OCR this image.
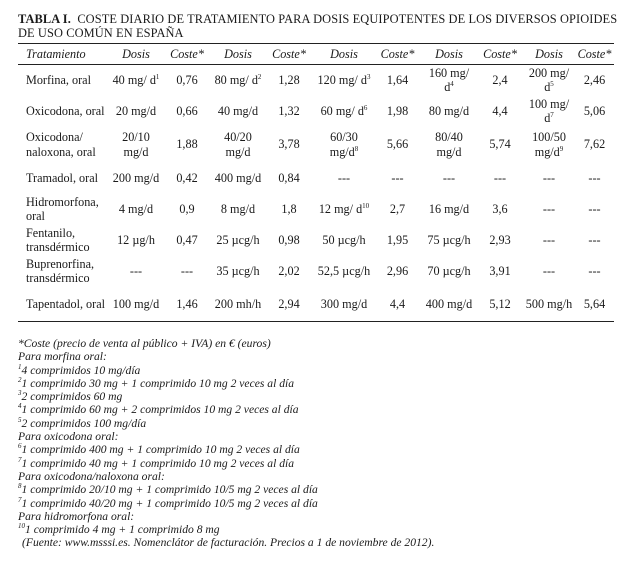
TABLA I. COSTE DIARIO DE TRATAMIENTO PARA DOSIS EQUIPOTENTES DE LOS DIVERSOS OPIOIDES DE USO COMÚN EN ESPAÑA
Tratamiento	Dosis	Coste*	Dosis	Coste*	Dosis	Coste*	Dosis	Coste*	Dosis	Coste*
Morfina, oral	40 mg/ $d^1$	0,76	80 mg/ $d^2$	1,28	120 mg/ $d^3$	1,64	160 mg/ $d^4$	2,4	200 mg/ $d^5$	2,46
Oxicodona, oral	20 mg/d	0,66	40 mg/d	1,32	60 mg/ $d^6$	1,98	80 mg/d	4,4	100 mg/ $d^7$	5,06
Oxicodona/ naloxona, oral	20/10 mg/d	1,88	40/20 mg/d	3,78	60/30 $mg/d^8$	5,66	80/40 mg/d	5,74	100/50 $mg/d^9$	7,62
Tramadol, oral	200 mg/d	0,42	400 mg/d	0,84	---	---	---	---	---	---
Hidromorfona, oral	4 mg/d	0,9	8 mg/d	1,8	12 mg/ $d^{10}$	2,7	16 mg/d	3,6	---	---
Fentanilo, transdérmico	12 µg/h	0,47	25 µcg/h	0,98	50 µcg/h	1,95	75 µcg/h	2,93	---	---
Buprenorfina, transdérmico	---	---	35 µcg/h	2,02	52,5 µcg/h	2,96	70 µcg/h	3,91	---	---
Tapentadol, oral	100 mg/d	1,46	200 mh/h	2,94	300 mg/d	4,4	400 mg/d	5,12	500 mg/h	5,64
*Coste (precio de venta al público + IVA) en € (euros)
Para morfina oral:
$^1$4 comprimidos 10 mg/día
$^2$1 comprimido 30 mg + 1 comprimido 10 mg 2 veces al día
$^3$2 comprimidos 60 mg
$^4$1 comprimido 60 mg + 2 comprimidos 10 mg 2 veces al día
$^5$2 comprimidos 100 mg/día
Para oxicodona oral:
$^6$1 comprimido 400 mg + 1 comprimido 10 mg 2 veces al día
$^7$1 comprimido 40 mg + 1 comprimido 10 mg 2 veces al día
Para oxicodona/naloxona oral:
$^8$1 comprimido 20/10 mg + 1 comprimido 10/5 mg 2 veces al día
$^7$1 comprimido 40/20 mg + 1 comprimido 10/5 mg 2 veces al día
Para hidromorfona oral:
$^{10}$1 comprimido 4 mg + 1 comprimido 8 mg
(Fuente: www.msssi.es. Nomenclátor de facturación. Precios a 1 de noviembre de 2012).
